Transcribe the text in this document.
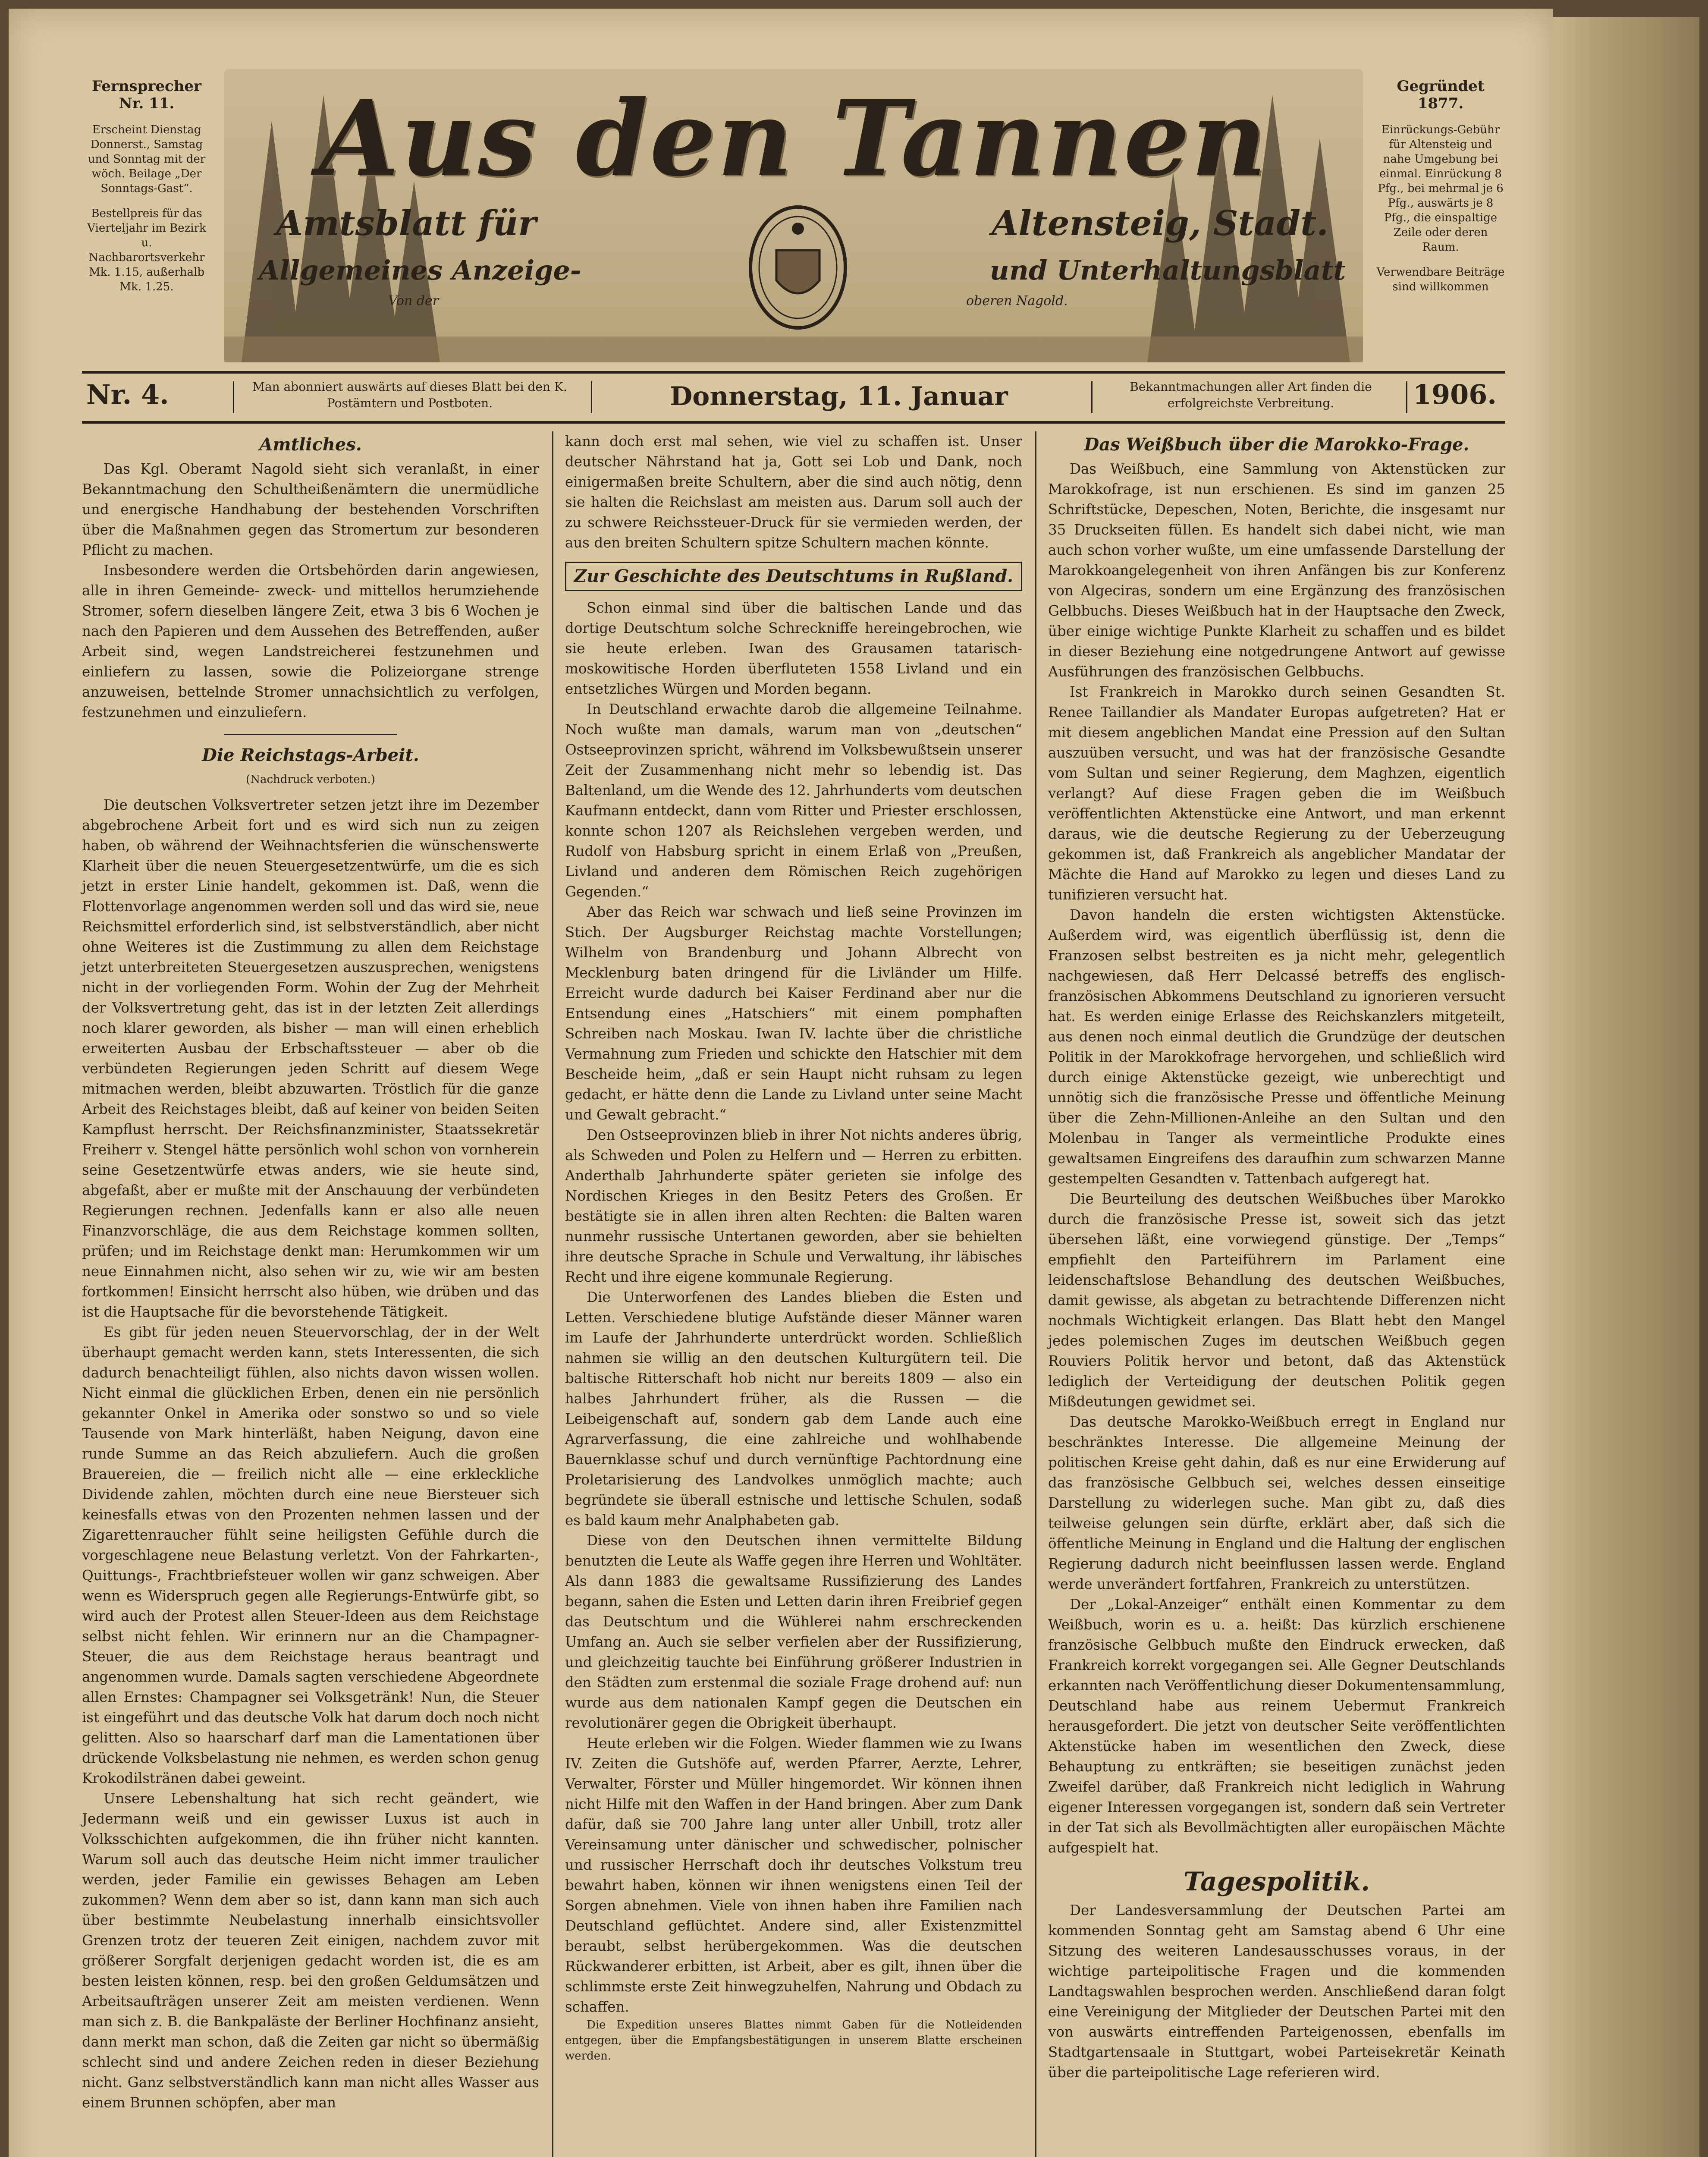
Fernsprecher Nr. 11.
Erscheint Dienstag Donnerst., Samstag und Sonntag mit der wöch. Beilage „Der Sonntags-Gast“.
Bestellpreis für das Vierteljahr im Bezirk u. Nachbarortsverkehr Mk. 1.15, außerhalb Mk. 1.25.
Aus den Tannen
Amtsblatt für	Altensteig, Stadt.
Allgemeines Anzeige-	und Unterhaltungsblatt
Von der	oberen Nagold.
Gegründet 1877.
Einrückungs-Gebühr für Altensteig und nahe Umgebung bei einmal. Einrückung 8 Pfg., bei mehrmal je 6 Pfg., auswärts je 8 Pfg., die einspaltige Zeile oder deren Raum.
Verwendbare Beiträge sind willkommen
Nr. 4.	Man abonniert auswärts auf dieses Blatt bei den K. Postämtern und Postboten.	Donnerstag, 11. Januar	Bekanntmachungen aller Art finden die erfolgreichste Verbreitung.	1906.
Amtliches.

Das Kgl. Oberamt Nagold sieht sich veranlaßt, in einer Bekanntmachung den Schultheißenämtern die unermüdliche und energische Handhabung der bestehenden Vorschriften über die Maßnahmen gegen das Stromertum zur besonderen Pflicht zu machen.

Insbesondere werden die Ortsbehörden darin angewiesen, alle in ihren Gemeinde- zweck- und mittellos herumziehende Stromer, sofern dieselben längere Zeit, etwa 3 bis 6 Wochen je nach den Papieren und dem Aussehen des Betreffenden, außer Arbeit sind, wegen Landstreicherei festzunehmen und einliefern zu lassen, sowie die Polizeiorgane strenge anzuweisen, bettelnde Stromer unnachsichtlich zu verfolgen, festzunehmen und einzuliefern.

Die Reichstags-Arbeit.
(Nachdruck verboten.)

Die deutschen Volksvertreter setzen jetzt ihre im Dezember abgebrochene Arbeit fort und es wird sich nun zu zeigen haben, ob während der Weihnachtsferien die wünschenswerte Klarheit über die neuen Steuergesetzentwürfe, um die es sich jetzt in erster Linie handelt, gekommen ist. Daß, wenn die Flottenvorlage angenommen werden soll und das wird sie, neue Reichsmittel erforderlich sind, ist selbstverständlich, aber nicht ohne Weiteres ist die Zustimmung zu allen dem Reichstage jetzt unterbreiteten Steuergesetzen auszusprechen, wenigstens nicht in der vorliegenden Form. Wohin der Zug der Mehrheit der Volksvertretung geht, das ist in der letzten Zeit allerdings noch klarer geworden, als bisher — man will einen erheblich erweiterten Ausbau der Erbschaftssteuer — aber ob die verbündeten Regierungen jeden Schritt auf diesem Wege mitmachen werden, bleibt abzuwarten. Tröstlich für die ganze Arbeit des Reichstages bleibt, daß auf keiner von beiden Seiten Kampflust herrscht. Der Reichsfinanzminister, Staatssekretär Freiherr v. Stengel hätte persönlich wohl schon von vornherein seine Gesetzentwürfe etwas anders, wie sie heute sind, abgefaßt, aber er mußte mit der Anschauung der verbündeten Regierungen rechnen. Jedenfalls kann er also alle neuen Finanzvorschläge, die aus dem Reichstage kommen sollten, prüfen; und im Reichstage denkt man: Herumkommen wir um neue Einnahmen nicht, also sehen wir zu, wie wir am besten fortkommen! Einsicht herrscht also hüben, wie drüben und das ist die Hauptsache für die bevorstehende Tätigkeit.

Es gibt für jeden neuen Steuervorschlag, der in der Welt überhaupt gemacht werden kann, stets Interessenten, die sich dadurch benachteiligt fühlen, also nichts davon wissen wollen. Nicht einmal die glücklichen Erben, denen ein nie persönlich gekannter Onkel in Amerika oder sonstwo so und so viele Tausende von Mark hinterläßt, haben Neigung, davon eine runde Summe an das Reich abzuliefern. Auch die großen Brauereien, die — freilich nicht alle — eine erkleckliche Dividende zahlen, möchten durch eine neue Biersteuer sich keinesfalls etwas von den Prozenten nehmen lassen und der Zigarettenraucher fühlt seine heiligsten Gefühle durch die vorgeschlagene neue Belastung verletzt. Von der Fahrkarten-, Quittungs-, Frachtbriefsteuer wollen wir ganz schweigen. Aber wenn es Widerspruch gegen alle Regierungs-Entwürfe gibt, so wird auch der Protest allen Steuer-Ideen aus dem Reichstage selbst nicht fehlen. Wir erinnern nur an die Champagner-Steuer, die aus dem Reichstage heraus beantragt und angenommen wurde. Damals sagten verschiedene Abgeordnete allen Ernstes: Champagner sei Volksgetränk! Nun, die Steuer ist eingeführt und das deutsche Volk hat darum doch noch nicht gelitten. Also so haarscharf darf man die Lamentationen über drückende Volksbelastung nie nehmen, es werden schon genug Krokodilstränen dabei geweint.

Unsere Lebenshaltung hat sich recht geändert, wie Jedermann weiß und ein gewisser Luxus ist auch in Volksschichten aufgekommen, die ihn früher nicht kannten. Warum soll auch das deutsche Heim nicht immer traulicher werden, jeder Familie ein gewisses Behagen am Leben zukommen? Wenn dem aber so ist, dann kann man sich auch über bestimmte Neubelastung innerhalb einsichtsvoller Grenzen trotz der teueren Zeit einigen, nachdem zuvor mit größerer Sorgfalt derjenigen gedacht worden ist, die es am besten leisten können, resp. bei den großen Geldumsätzen und Arbeitsaufträgen unserer Zeit am meisten verdienen. Wenn man sich z. B. die Bankpaläste der Berliner Hochfinanz ansieht, dann merkt man schon, daß die Zeiten gar nicht so übermäßig schlecht sind und andere Zeichen reden in dieser Beziehung nicht. Ganz selbstverständlich kann man nicht alles Wasser aus einem Brunnen schöpfen, aber man

kann doch erst mal sehen, wie viel zu schaffen ist. Unser deutscher Nährstand hat ja, Gott sei Lob und Dank, noch einigermaßen breite Schultern, aber die sind auch nötig, denn sie halten die Reichslast am meisten aus. Darum soll auch der zu schwere Reichssteuer-Druck für sie vermieden werden, der aus den breiten Schultern spitze Schultern machen könnte.

Zur Geschichte des Deutschtums in Rußland.

Schon einmal sind über die baltischen Lande und das dortige Deutschtum solche Schreckniffe hereingebrochen, wie sie heute erleben. Iwan des Grausamen tatarisch-moskowitische Horden überfluteten 1558 Livland und ein entsetzliches Würgen und Morden begann.

In Deutschland erwachte darob die allgemeine Teilnahme. Noch wußte man damals, warum man von „deutschen“ Ostseeprovinzen spricht, während im Volksbewußtsein unserer Zeit der Zusammenhang nicht mehr so lebendig ist. Das Baltenland, um die Wende des 12. Jahrhunderts vom deutschen Kaufmann entdeckt, dann vom Ritter und Priester erschlossen, konnte schon 1207 als Reichslehen vergeben werden, und Rudolf von Habsburg spricht in einem Erlaß von „Preußen, Livland und anderen dem Römischen Reich zugehörigen Gegenden.“

Aber das Reich war schwach und ließ seine Provinzen im Stich. Der Augsburger Reichstag machte Vorstellungen; Wilhelm von Brandenburg und Johann Albrecht von Mecklenburg baten dringend für die Livländer um Hilfe. Erreicht wurde dadurch bei Kaiser Ferdinand aber nur die Entsendung eines „Hatschiers“ mit einem pomphaften Schreiben nach Moskau. Iwan IV. lachte über die christliche Vermahnung zum Frieden und schickte den Hatschier mit dem Bescheide heim, „daß er sein Haupt nicht ruhsam zu legen gedacht, er hätte denn die Lande zu Livland unter seine Macht und Gewalt gebracht.“

Den Ostseeprovinzen blieb in ihrer Not nichts anderes übrig, als Schweden und Polen zu Helfern und — Herren zu erbitten. Anderthalb Jahrhunderte später gerieten sie infolge des Nordischen Krieges in den Besitz Peters des Großen. Er bestätigte sie in allen ihren alten Rechten: die Balten waren nunmehr russische Untertanen geworden, aber sie behielten ihre deutsche Sprache in Schule und Verwaltung, ihr läbisches Recht und ihre eigene kommunale Regierung.

Die Unterworfenen des Landes blieben die Esten und Letten. Verschiedene blutige Aufstände dieser Männer waren im Laufe der Jahrhunderte unterdrückt worden. Schließlich nahmen sie willig an den deutschen Kulturgütern teil. Die baltische Ritterschaft hob nicht nur bereits 1809 — also ein halbes Jahrhundert früher, als die Russen — die Leibeigenschaft auf, sondern gab dem Lande auch eine Agrarverfassung, die eine zahlreiche und wohlhabende Bauernklasse schuf und durch vernünftige Pachtordnung eine Proletarisierung des Landvolkes unmöglich machte; auch begründete sie überall estnische und lettische Schulen, sodaß es bald kaum mehr Analphabeten gab.

Diese von den Deutschen ihnen vermittelte Bildung benutzten die Leute als Waffe gegen ihre Herren und Wohltäter. Als dann 1883 die gewaltsame Russifizierung des Landes begann, sahen die Esten und Letten darin ihren Freibrief gegen das Deutschtum und die Wühlerei nahm erschreckenden Umfang an. Auch sie selber verfielen aber der Russifizierung, und gleichzeitig tauchte bei Einführung größerer Industrien in den Städten zum erstenmal die soziale Frage drohend auf: nun wurde aus dem nationalen Kampf gegen die Deutschen ein revolutionärer gegen die Obrigkeit überhaupt.

Heute erleben wir die Folgen. Wieder flammen wie zu Iwans IV. Zeiten die Gutshöfe auf, werden Pfarrer, Aerzte, Lehrer, Verwalter, Förster und Müller hingemordet. Wir können ihnen nicht Hilfe mit den Waffen in der Hand bringen. Aber zum Dank dafür, daß sie 700 Jahre lang unter aller Unbill, trotz aller Vereinsamung unter dänischer und schwedischer, polnischer und russischer Herrschaft doch ihr deutsches Volkstum treu bewahrt haben, können wir ihnen wenigstens einen Teil der Sorgen abnehmen. Viele von ihnen haben ihre Familien nach Deutschland geflüchtet. Andere sind, aller Existenzmittel beraubt, selbst herübergekommen. Was die deutschen Rückwanderer erbitten, ist Arbeit, aber es gilt, ihnen über die schlimmste erste Zeit hinwegzuhelfen, Nahrung und Obdach zu schaffen.

Die Expedition unseres Blattes nimmt Gaben für die Notleidenden entgegen, über die Empfangsbestätigungen in unserem Blatte erscheinen werden.

Das Weißbuch über die Marokko-Frage.

Das Weißbuch, eine Sammlung von Aktenstücken zur Marokkofrage, ist nun erschienen. Es sind im ganzen 25 Schriftstücke, Depeschen, Noten, Berichte, die insgesamt nur 35 Druckseiten füllen. Es handelt sich dabei nicht, wie man auch schon vorher wußte, um eine umfassende Darstellung der Marokkoangelegenheit von ihren Anfängen bis zur Konferenz von Algeciras, sondern um eine Ergänzung des französischen Gelbbuchs. Dieses Weißbuch hat in der Hauptsache den Zweck, über einige wichtige Punkte Klarheit zu schaffen und es bildet in dieser Beziehung eine notgedrungene Antwort auf gewisse Ausführungen des französischen Gelbbuchs.

Ist Frankreich in Marokko durch seinen Gesandten St. Renee Taillandier als Mandater Europas aufgetreten? Hat er mit diesem angeblichen Mandat eine Pression auf den Sultan auszuüben versucht, und was hat der französische Gesandte vom Sultan und seiner Regierung, dem Maghzen, eigentlich verlangt? Auf diese Fragen geben die im Weißbuch veröffentlichten Aktenstücke eine Antwort, und man erkennt daraus, wie die deutsche Regierung zu der Ueberzeugung gekommen ist, daß Frankreich als angeblicher Mandatar der Mächte die Hand auf Marokko zu legen und dieses Land zu tunifizieren versucht hat.

Davon handeln die ersten wichtigsten Aktenstücke. Außerdem wird, was eigentlich überflüssig ist, denn die Franzosen selbst bestreiten es ja nicht mehr, gelegentlich nachgewiesen, daß Herr Delcassé betreffs des englisch-französischen Abkommens Deutschland zu ignorieren versucht hat. Es werden einige Erlasse des Reichskanzlers mitgeteilt, aus denen noch einmal deutlich die Grundzüge der deutschen Politik in der Marokkofrage hervorgehen, und schließlich wird durch einige Aktenstücke gezeigt, wie unberechtigt und unnötig sich die französische Presse und öffentliche Meinung über die Zehn-Millionen-Anleihe an den Sultan und den Molenbau in Tanger als vermeintliche Produkte eines gewaltsamen Eingreifens des daraufhin zum schwarzen Manne gestempelten Gesandten v. Tattenbach aufgeregt hat.

Die Beurteilung des deutschen Weißbuches über Marokko durch die französische Presse ist, soweit sich das jetzt übersehen läßt, eine vorwiegend günstige. Der „Temps“ empfiehlt den Parteiführern im Parlament eine leidenschaftslose Behandlung des deutschen Weißbuches, damit gewisse, als abgetan zu betrachtende Differenzen nicht nochmals Wichtigkeit erlangen. Das Blatt hebt den Mangel jedes polemischen Zuges im deutschen Weißbuch gegen Rouviers Politik hervor und betont, daß das Aktenstück lediglich der Verteidigung der deutschen Politik gegen Mißdeutungen gewidmet sei.

Das deutsche Marokko-Weißbuch erregt in England nur beschränktes Interesse. Die allgemeine Meinung der politischen Kreise geht dahin, daß es nur eine Erwiderung auf das französische Gelbbuch sei, welches dessen einseitige Darstellung zu widerlegen suche. Man gibt zu, daß dies teilweise gelungen sein dürfte, erklärt aber, daß sich die öffentliche Meinung in England und die Haltung der englischen Regierung dadurch nicht beeinflussen lassen werde. England werde unverändert fortfahren, Frankreich zu unterstützen.

Der „Lokal-Anzeiger“ enthält einen Kommentar zu dem Weißbuch, worin es u. a. heißt: Das kürzlich erschienene französische Gelbbuch mußte den Eindruck erwecken, daß Frankreich korrekt vorgegangen sei. Alle Gegner Deutschlands erkannten nach Veröffentlichung dieser Dokumentensammlung, Deutschland habe aus reinem Uebermut Frankreich herausgefordert. Die jetzt von deutscher Seite veröffentlichten Aktenstücke haben im wesentlichen den Zweck, diese Behauptung zu entkräften; sie beseitigen zunächst jeden Zweifel darüber, daß Frankreich nicht lediglich in Wahrung eigener Interessen vorgegangen ist, sondern daß sein Vertreter in der Tat sich als Bevollmächtigten aller europäischen Mächte aufgespielt hat.

Tagespolitik.

Der Landesversammlung der Deutschen Partei am kommenden Sonntag geht am Samstag abend 6 Uhr eine Sitzung des weiteren Landesausschusses voraus, in der wichtige parteipolitische Fragen und die kommenden Landtagswahlen besprochen werden. Anschließend daran folgt eine Vereinigung der Mitglieder der Deutschen Partei mit den von auswärts eintreffenden Parteigenossen, ebenfalls im Stadtgartensaale in Stuttgart, wobei Parteisekretär Keinath über die parteipolitische Lage referieren wird.
